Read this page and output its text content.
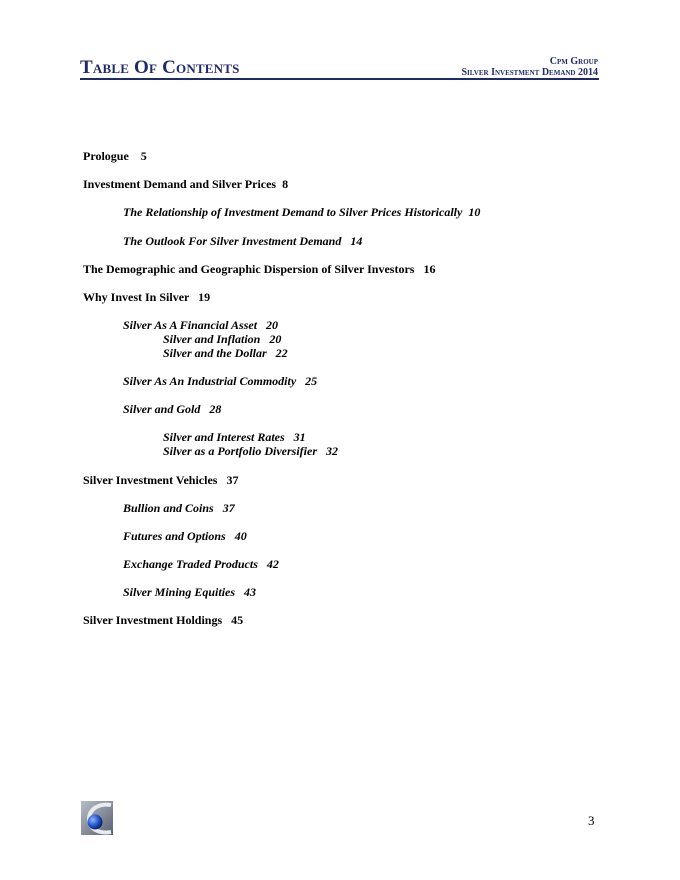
Table Of Contents	Cpm Group
Silver Investment Demand 2014
Prologue    5
Investment Demand and Silver Prices  8
The Relationship of Investment Demand to Silver Prices Historically  10
The Outlook For Silver Investment Demand   14
The Demographic and Geographic Dispersion of Silver Investors   16
Why Invest In Silver   19
Silver As A Financial Asset   20
Silver and Inflation   20
Silver and the Dollar   22
Silver As An Industrial Commodity   25
Silver and Gold   28
Silver and Interest Rates   31
Silver as a Portfolio Diversifier   32
Silver Investment Vehicles   37
Bullion and Coins   37
Futures and Options   40
Exchange Traded Products   42
Silver Mining Equities   43
Silver Investment Holdings   45
3
